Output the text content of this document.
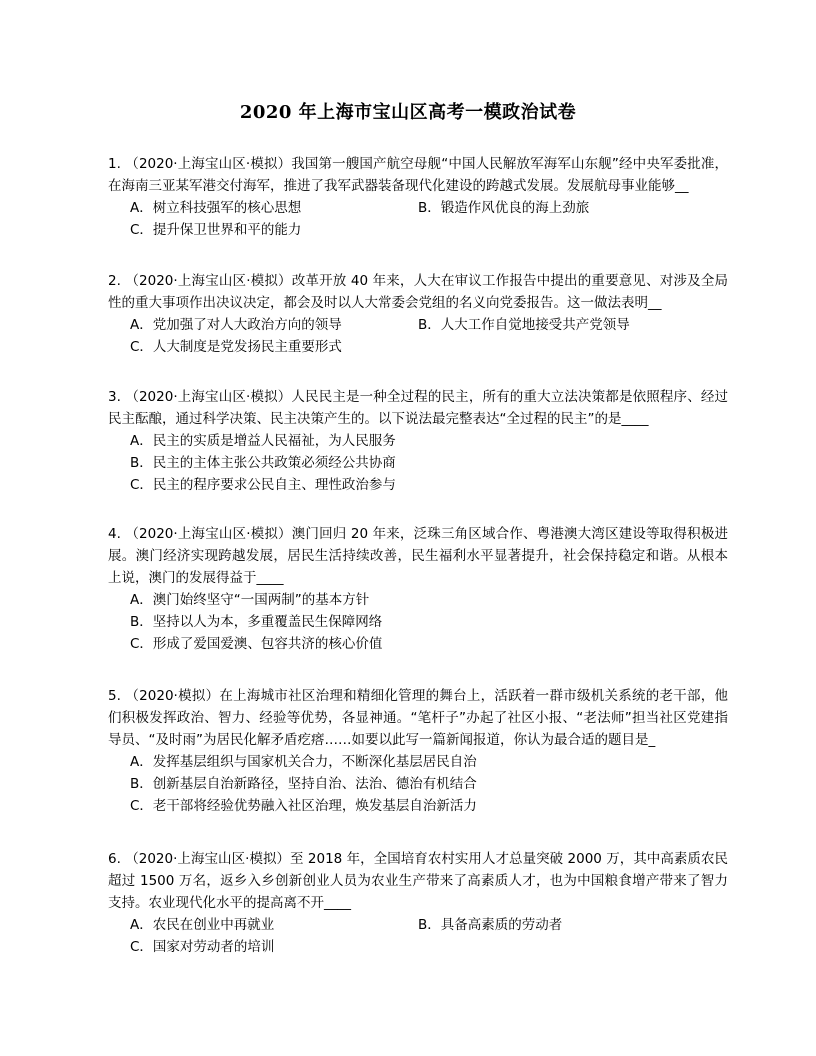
2020 年上海市宝山区高考一模政治试卷
1. （2020·上海宝山区·模拟）我国第一艘国产航空母舰“中国人民解放军海军山东舰”经中央军委批准，在海南三亚某军港交付海军，推进了我军武器装备现代化建设的跨越式发展。发展航母事业能够__
A．树立科技强军的核心思想	B．锻造作风优良的海上劲旅
C．提升保卫世界和平的能力
2. （2020·上海宝山区·模拟）改革开放 40 年来，人大在审议工作报告中提出的重要意见、对涉及全局性的重大事项作出决议决定，都会及时以人大常委会党组的名义向党委报告。这一做法表明__
A．党加强了对人大政治方向的领导	B．人大工作自觉地接受共产党领导
C．人大制度是党发扬民主重要形式
3. （2020·上海宝山区·模拟）人民民主是一种全过程的民主，所有的重大立法决策都是依照程序、经过民主酝酿，通过科学决策、民主决策产生的。以下说法最完整表达“全过程的民主”的是____
A．民主的实质是增益人民福祉，为人民服务
B．民主的主体主张公共政策必须经公共协商
C．民主的程序要求公民自主、理性政治参与
4. （2020·上海宝山区·模拟）澳门回归 20 年来，泛珠三角区域合作、粤港澳大湾区建设等取得积极进展。澳门经济实现跨越发展，居民生活持续改善，民生福利水平显著提升，社会保持稳定和谐。从根本上说，澳门的发展得益于____
A．澳门始终坚守“一国两制”的基本方针
B．坚持以人为本，多重覆盖民生保障网络
C．形成了爱国爱澳、包容共济的核心价值
5. （2020·模拟）在上海城市社区治理和精细化管理的舞台上，活跃着一群市级机关系统的老干部，他们积极发挥政治、智力、经验等优势，各显神通。“笔杆子”办起了社区小报、“老法师”担当社区党建指导员、“及时雨”为居民化解矛盾疙瘩……如要以此写一篇新闻报道，你认为最合适的题目是_
A．发挥基层组织与国家机关合力，不断深化基层居民自治
B．创新基层自治新路径，坚持自治、法治、德治有机结合
C．老干部将经验优势融入社区治理，焕发基层自治新活力
6. （2020·上海宝山区·模拟）至 2018 年，全国培育农村实用人才总量突破 2000 万，其中高素质农民超过 1500 万名，返乡入乡创新创业人员为农业生产带来了高素质人才，也为中国粮食增产带来了智力支持。农业现代化水平的提高离不开____
A．农民在创业中再就业	B．具备高素质的劳动者
C．国家对劳动者的培训
